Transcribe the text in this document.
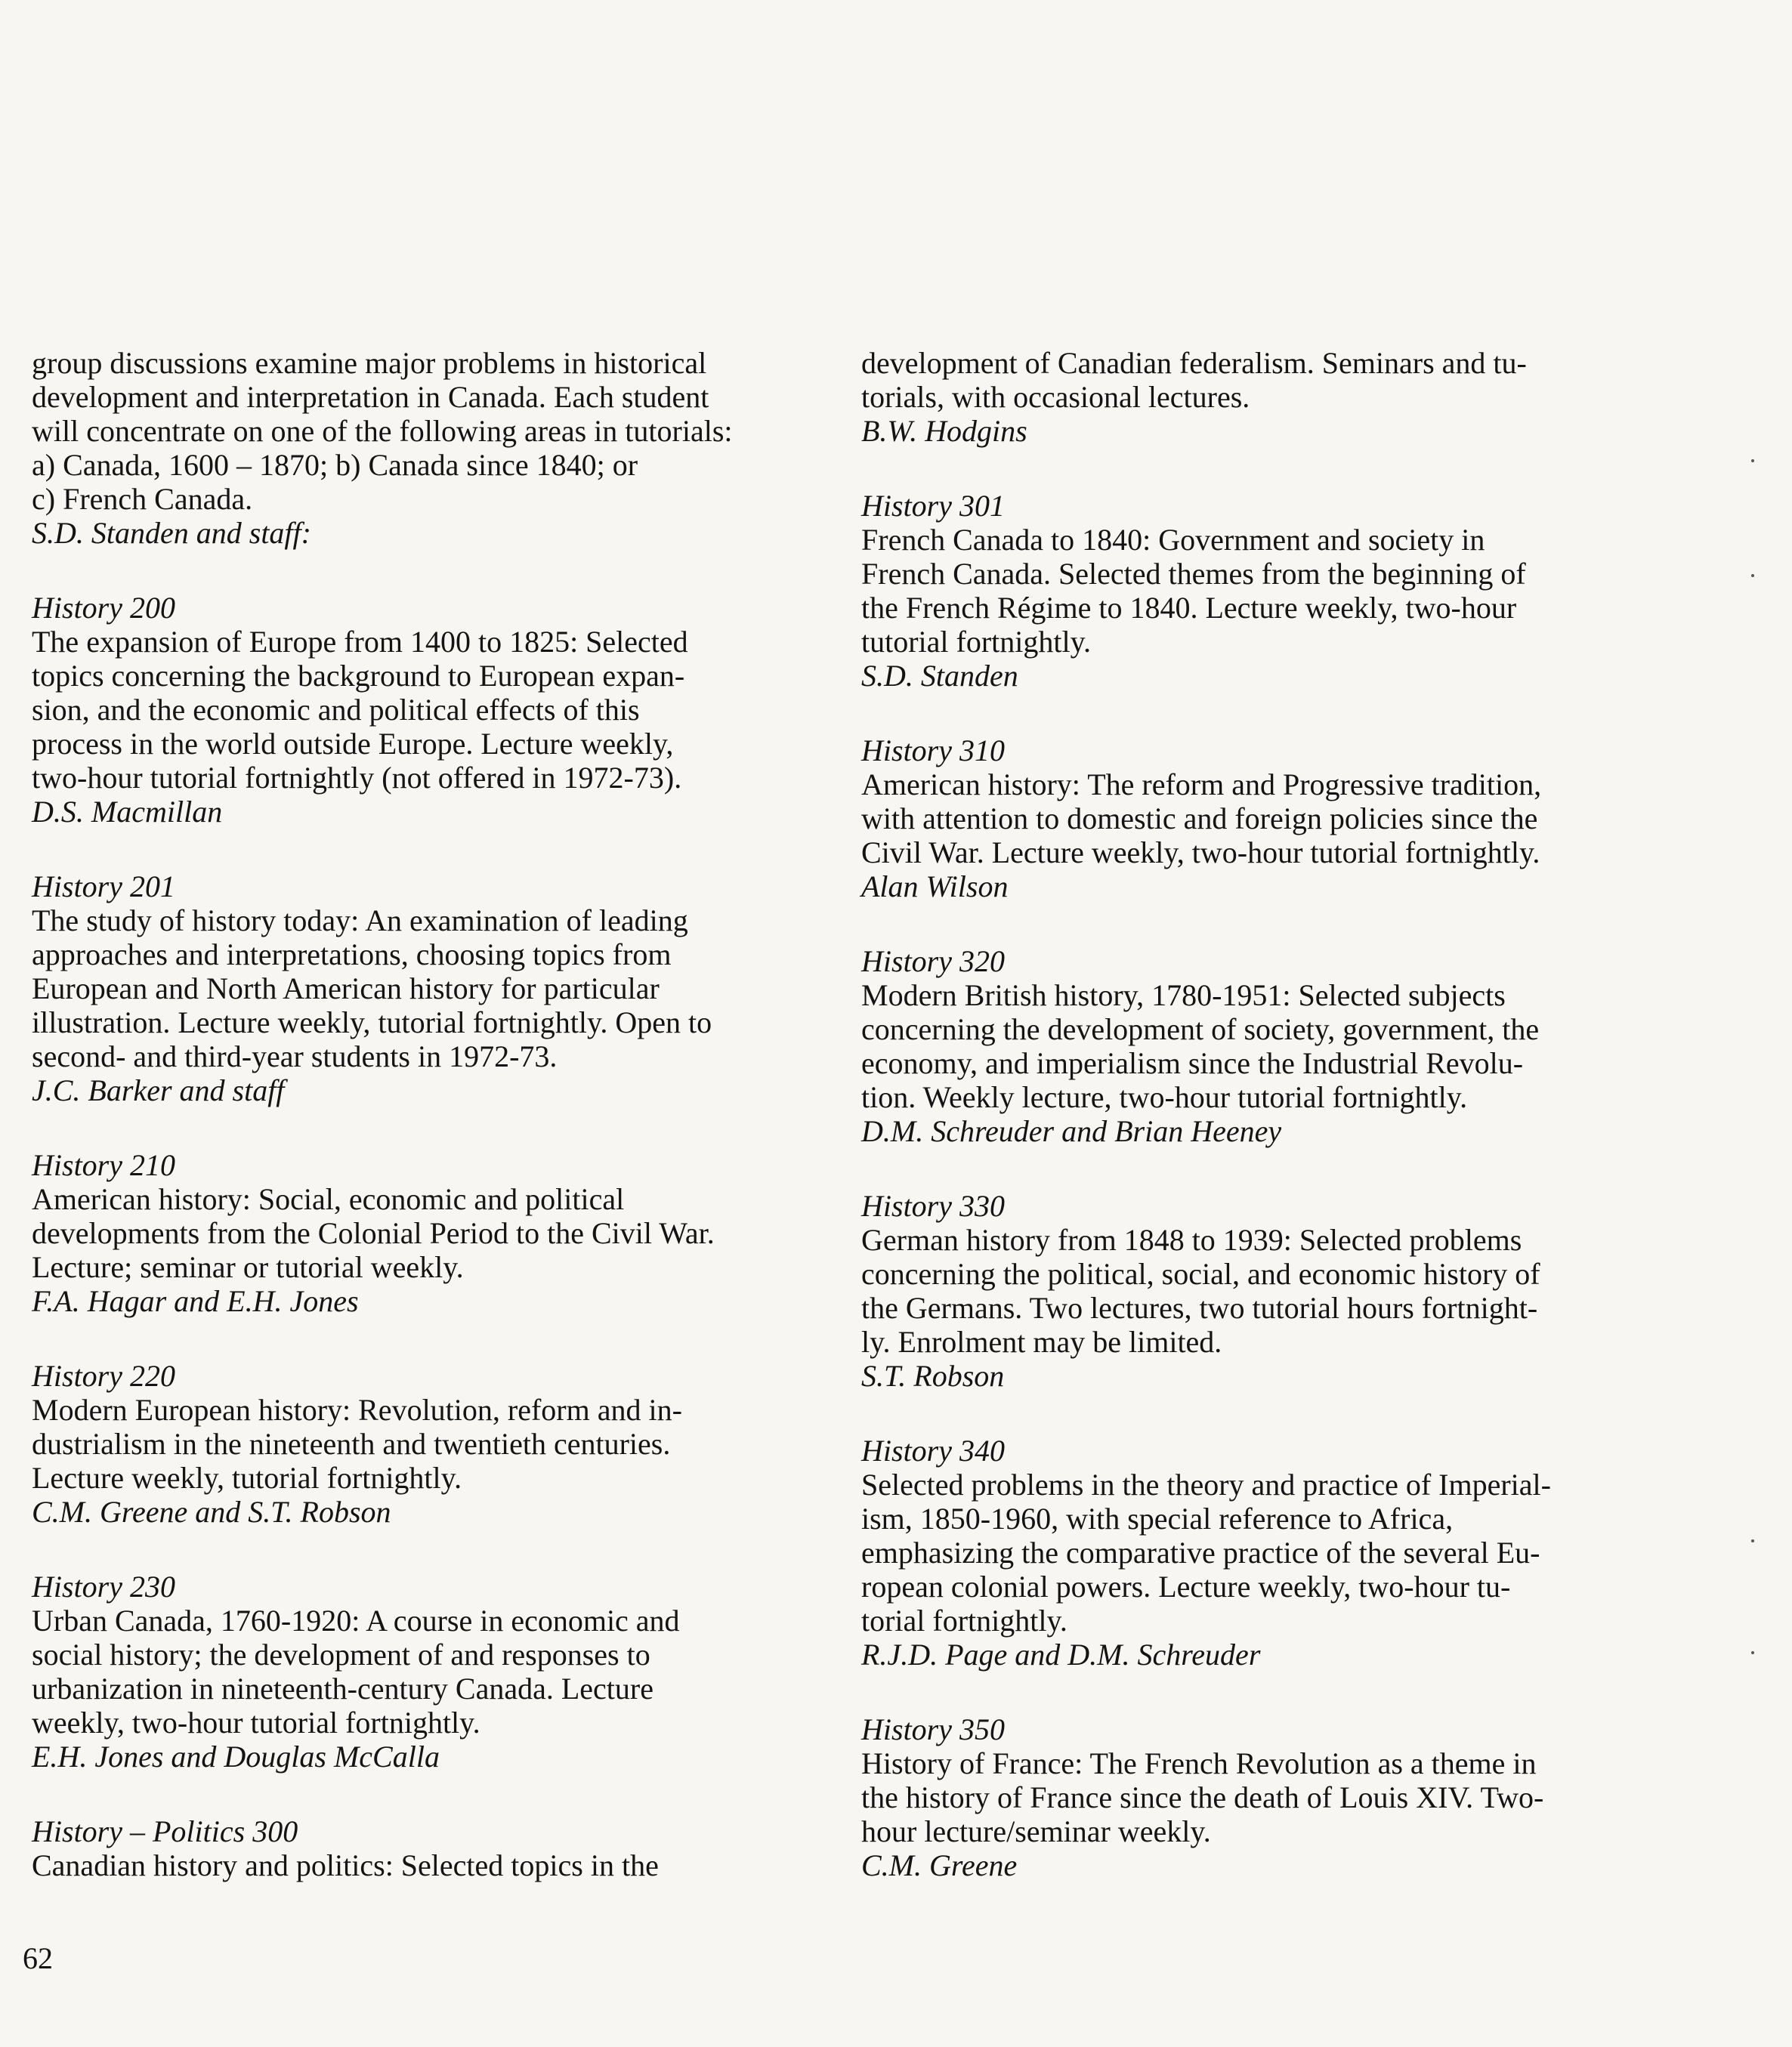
group discussions examine major problems in historical
development and interpretation in Canada. Each student
will concentrate on one of the following areas in tutorials:
a) Canada, 1600 – 1870; b) Canada since 1840; or
c) French Canada.
S.D. Standen and staff:
History 200
The expansion of Europe from 1400 to 1825: Selected
topics concerning the background to European expan-
sion, and the economic and political effects of this
process in the world outside Europe. Lecture weekly,
two-hour tutorial fortnightly (not offered in 1972-73).
D.S. Macmillan
History 201
The study of history today: An examination of leading
approaches and interpretations, choosing topics from
European and North American history for particular
illustration. Lecture weekly, tutorial fortnightly. Open to
second- and third-year students in 1972-73.
J.C. Barker and staff
History 210
American history: Social, economic and political
developments from the Colonial Period to the Civil War.
Lecture; seminar or tutorial weekly.
F.A. Hagar and E.H. Jones
History 220
Modern European history: Revolution, reform and in-
dustrialism in the nineteenth and twentieth centuries.
Lecture weekly, tutorial fortnightly.
C.M. Greene and S.T. Robson
History 230
Urban Canada, 1760-1920: A course in economic and
social history; the development of and responses to
urbanization in nineteenth-century Canada. Lecture
weekly, two-hour tutorial fortnightly.
E.H. Jones and Douglas McCalla
History – Politics 300
Canadian history and politics: Selected topics in the
development of Canadian federalism. Seminars and tu-
torials, with occasional lectures.
B.W. Hodgins
History 301
French Canada to 1840: Government and society in
French Canada. Selected themes from the beginning of
the French Régime to 1840. Lecture weekly, two-hour
tutorial fortnightly.
S.D. Standen
History 310
American history: The reform and Progressive tradition,
with attention to domestic and foreign policies since the
Civil War. Lecture weekly, two-hour tutorial fortnightly.
Alan Wilson
History 320
Modern British history, 1780-1951: Selected subjects
concerning the development of society, government, the
economy, and imperialism since the Industrial Revolu-
tion. Weekly lecture, two-hour tutorial fortnightly.
D.M. Schreuder and Brian Heeney
History 330
German history from 1848 to 1939: Selected problems
concerning the political, social, and economic history of
the Germans. Two lectures, two tutorial hours fortnight-
ly. Enrolment may be limited.
S.T. Robson
History 340
Selected problems in the theory and practice of Imperial-
ism, 1850-1960, with special reference to Africa,
emphasizing the comparative practice of the several Eu-
ropean colonial powers. Lecture weekly, two-hour tu-
torial fortnightly.
R.J.D. Page and D.M. Schreuder
History 350
History of France: The French Revolution as a theme in
the history of France since the death of Louis XIV. Two-
hour lecture/seminar weekly.
C.M. Greene
62
